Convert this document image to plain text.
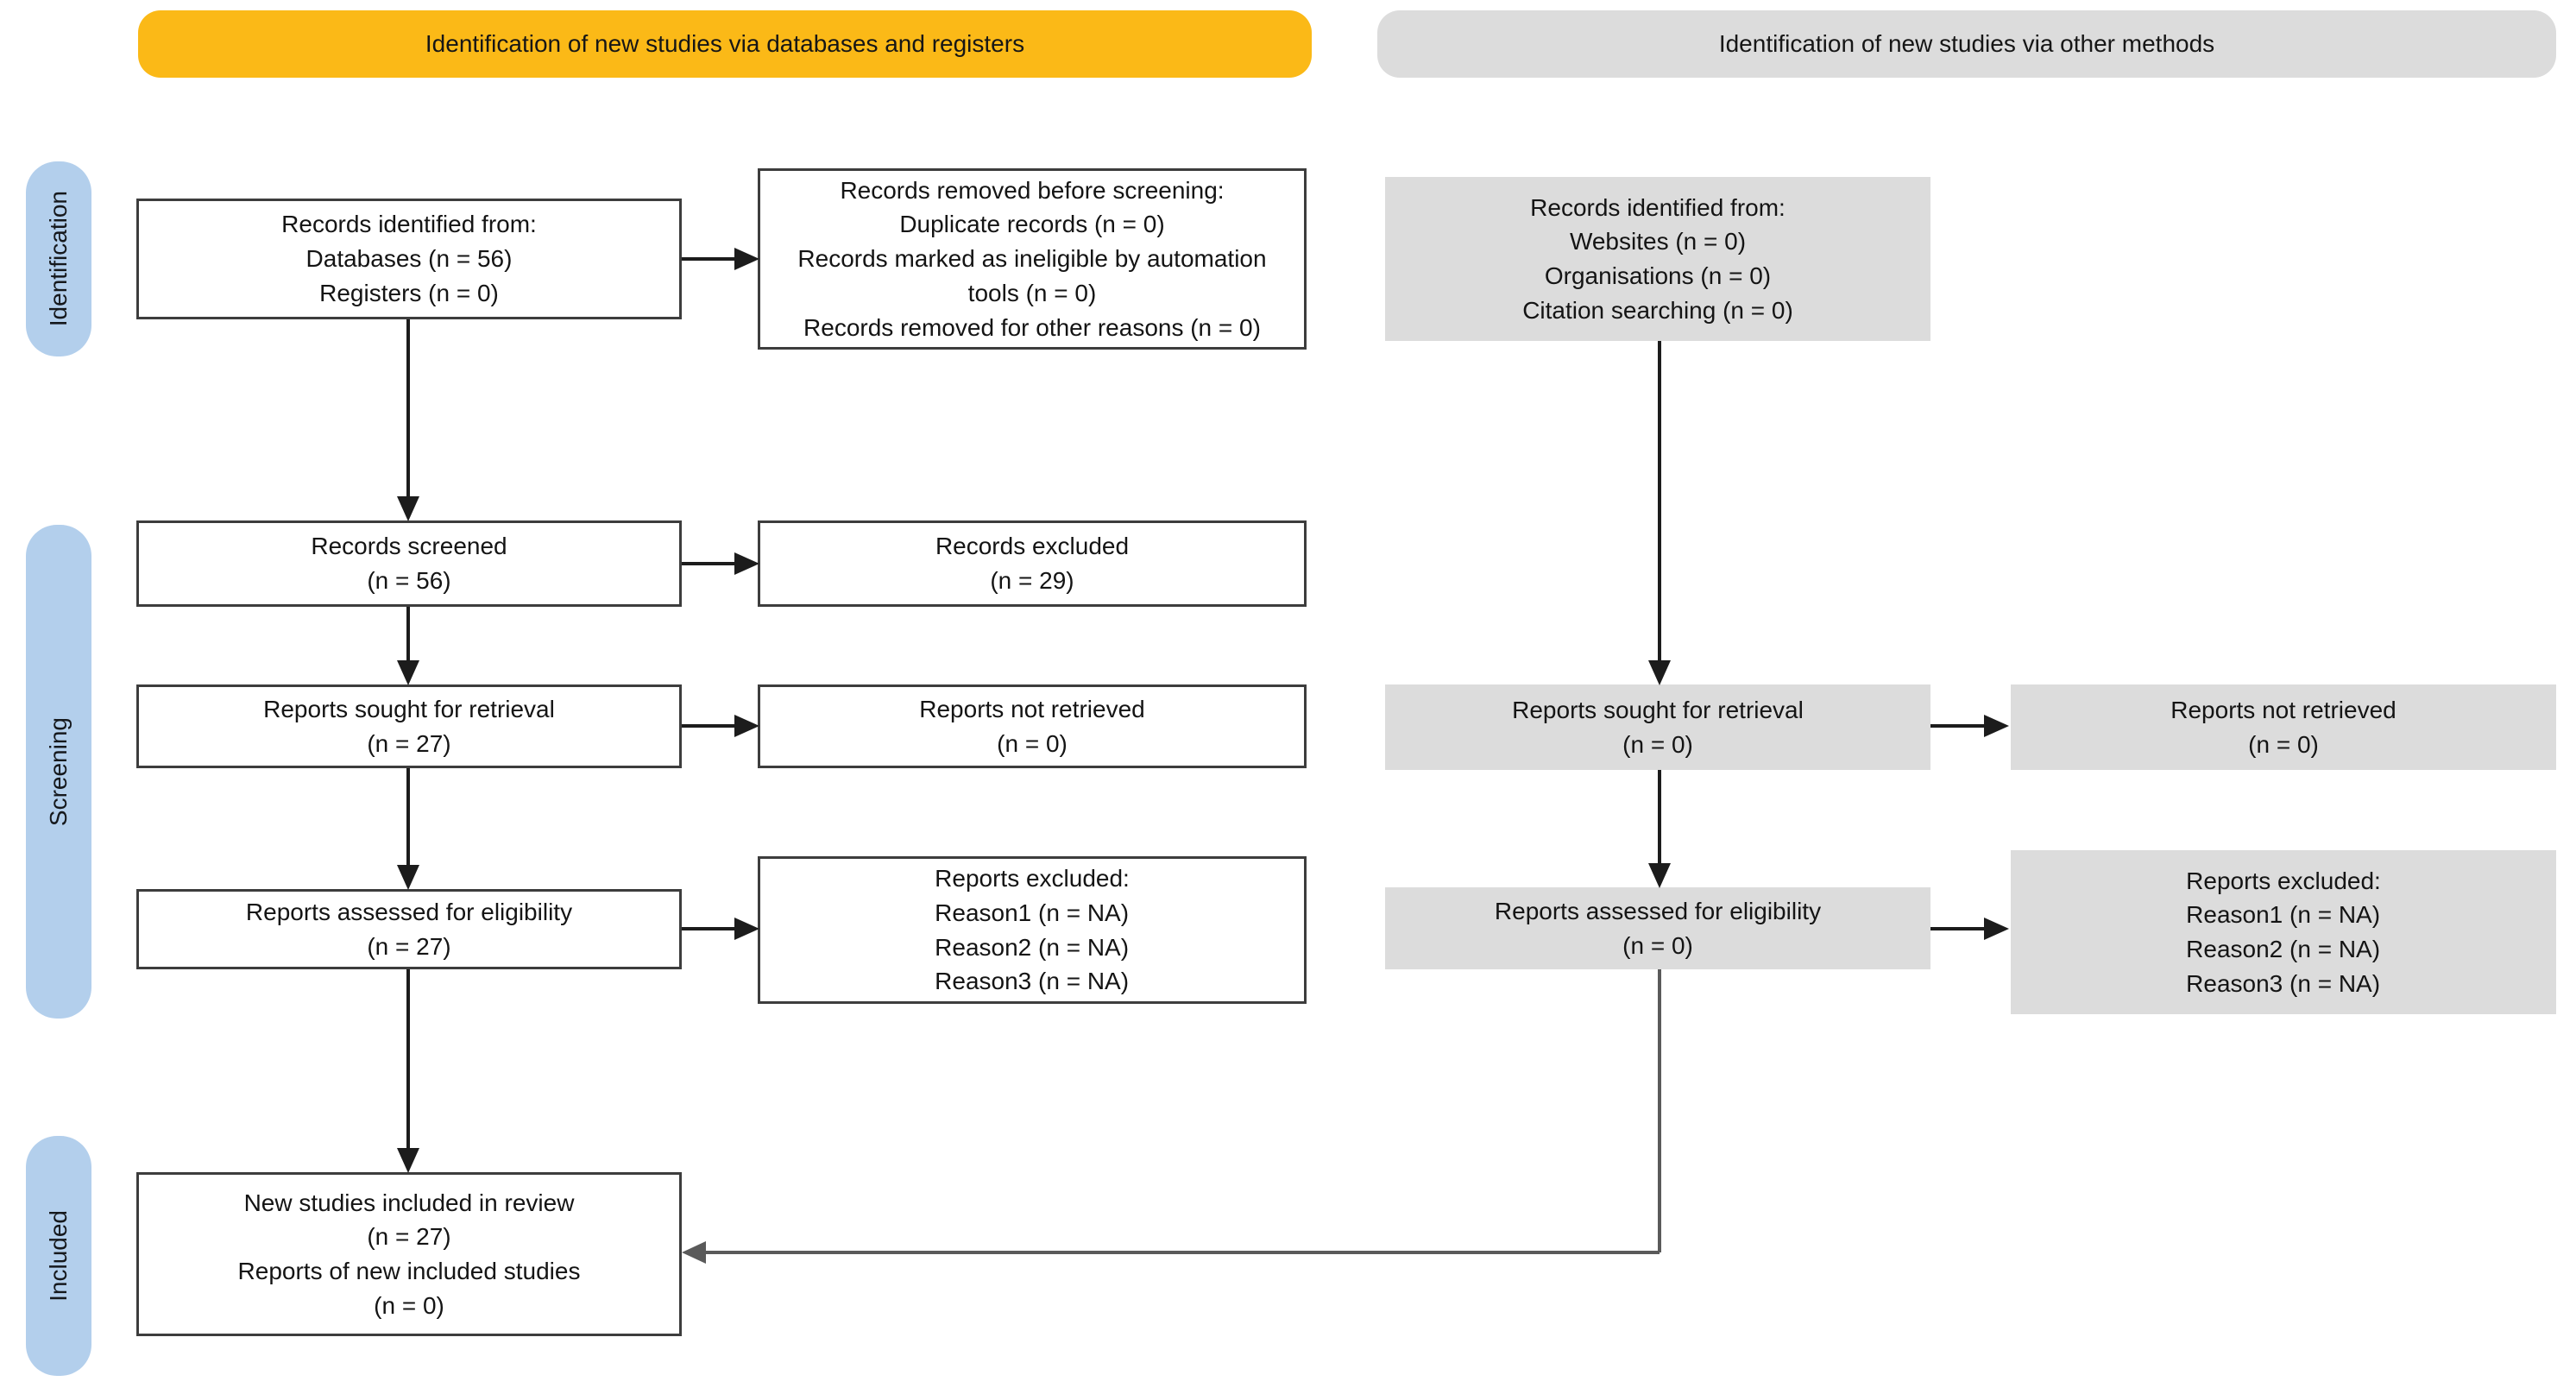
Identification of new studies via databases and registers	Identification of new studies via other methods
Identification
Screening
Included
Records identified from:
Databases (n = 56)
Registers (n = 0)
Records removed before screening:
Duplicate records (n = 0)
Records marked as ineligible by automation tools (n = 0)
Records removed for other reasons (n = 0)
Records identified from:
Websites (n = 0)
Organisations (n = 0)
Citation searching (n = 0)
Records screened
(n = 56)
Records excluded
(n = 29)
Reports sought for retrieval
(n = 27)
Reports not retrieved
(n = 0)
Reports sought for retrieval
(n = 0)
Reports not retrieved
(n = 0)
Reports assessed for eligibility
(n = 27)
Reports excluded:
Reason1 (n = NA)
Reason2 (n = NA)
Reason3 (n = NA)
Reports assessed for eligibility
(n = 0)
Reports excluded:
Reason1 (n = NA)
Reason2 (n = NA)
Reason3 (n = NA)
New studies included in review
(n = 27)
Reports of new included studies
(n = 0)
